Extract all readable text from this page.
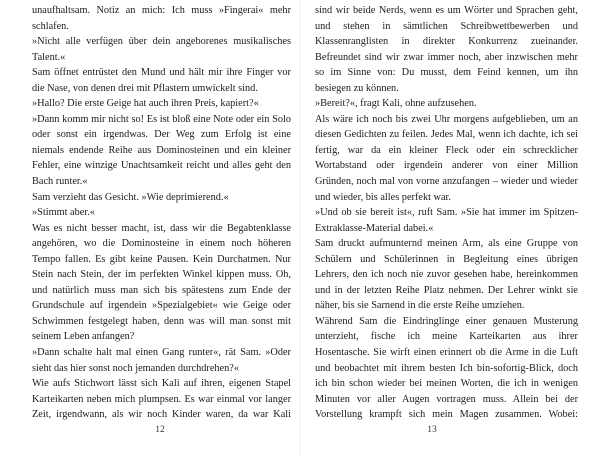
unaufhaltsam. Notiz an mich: Ich muss »Fingerai« mehr schlafen.

»Nicht alle verfügen über dein angeborenes musikalisches Talent.«

Sam öffnet entrüstet den Mund und hält mir ihre Finger vor die Nase, von denen drei mit Pflastern umwickelt sind.

»Hallo? Die erste Geige hat auch ihren Preis, kapiert?«

»Dann komm mir nicht so! Es ist bloß eine Note oder ein Solo oder sonst ein irgendwas. Der Weg zum Erfolg ist eine niemals endende Reihe aus Dominosteinen und ein kleiner Fehler, eine winzige Unachtsamkeit reicht und alles geht den Bach runter.«

Sam verzieht das Gesicht. »Wie deprimierend.«

»Stimmt aber.«

Was es nicht besser macht, ist, dass wir die Begabtenklasse angehören, wo die Dominosteine in einem noch höheren Tempo fallen. Es gibt keine Pausen. Kein Durchatmen. Nur Stein nach Stein, der im perfekten Winkel kippen muss. Oh, und natürlich muss man sich bis spätestens zum Ende der Grundschule auf irgendein »Spezialgebiet« wie Geige oder Schwimmen festgelegt haben, denn was will man sonst mit seinem Leben anfangen?

»Dann schalte halt mal einen Gang runter«, rät Sam. »Oder sieht das hier sonst noch jemanden durchdrehen?«

Wie aufs Stichwort lässt sich Kali auf ihren, eigenen Stapel Karteikarten neben mich plumpsen. Es war einmal vor langer Zeit, irgendwann, als wir noch Kinder waren, da war Kali

sind wir beide Nerds, wenn es um Wörter und Sprachen geht, und stehen in sämtlichen Schreibwettbewerben und Klassenranglisten in direkter Konkurrenz zueinander. Befreundet sind wir zwar immer noch, aber inzwischen mehr so im Sinne von: Du musst, dem Feind kennen, um ihn besiegen zu können.

»Bereit?«, fragt Kali, ohne aufzusehen.

Als wäre ich noch bis zwei Uhr morgens aufgeblieben, um an diesen Gedichten zu feilen. Jedes Mal, wenn ich dachte, ich sei fertig, war da ein kleiner Fleck oder ein schrecklicher Wortabstand oder irgendein anderer von einer Million Gründen, noch mal von vorne anzufangen – wieder und wieder und wieder, bis alles perfekt war.

»Und ob sie bereit ist«, ruft Sam. »Sie hat immer im Spitzen-Extraklasse-Material dabei.«

Sam druckt aufmunternd meinen Arm, als eine Gruppe von Schülern und Schülerinnen in Begleitung eines übrigen Lehrers, den ich noch nie zuvor gesehen habe, hereinkommen und in der letzten Reihe Platz nehmen. Der Lehrer winkt sie näher, bis sie Sarnend in die erste Reihe umziehen.

Während Sam die Eindringlinge einer genauen Musterung unterzieht, fische ich meine Karteikarten aus ihrer Hosentasche. Sie wirft einen erinnert ob die Arme in die Luft und beobachtet mit ihrem besten Ich bin-sofortig-Blick, doch ich bin schon wieder bei meinen Worten, die ich in wenigen Minuten vor aller Augen vortragen muss. Allein bei der Vorstellung krampft sich mein Magen zusammen. Wobei:

12	13
